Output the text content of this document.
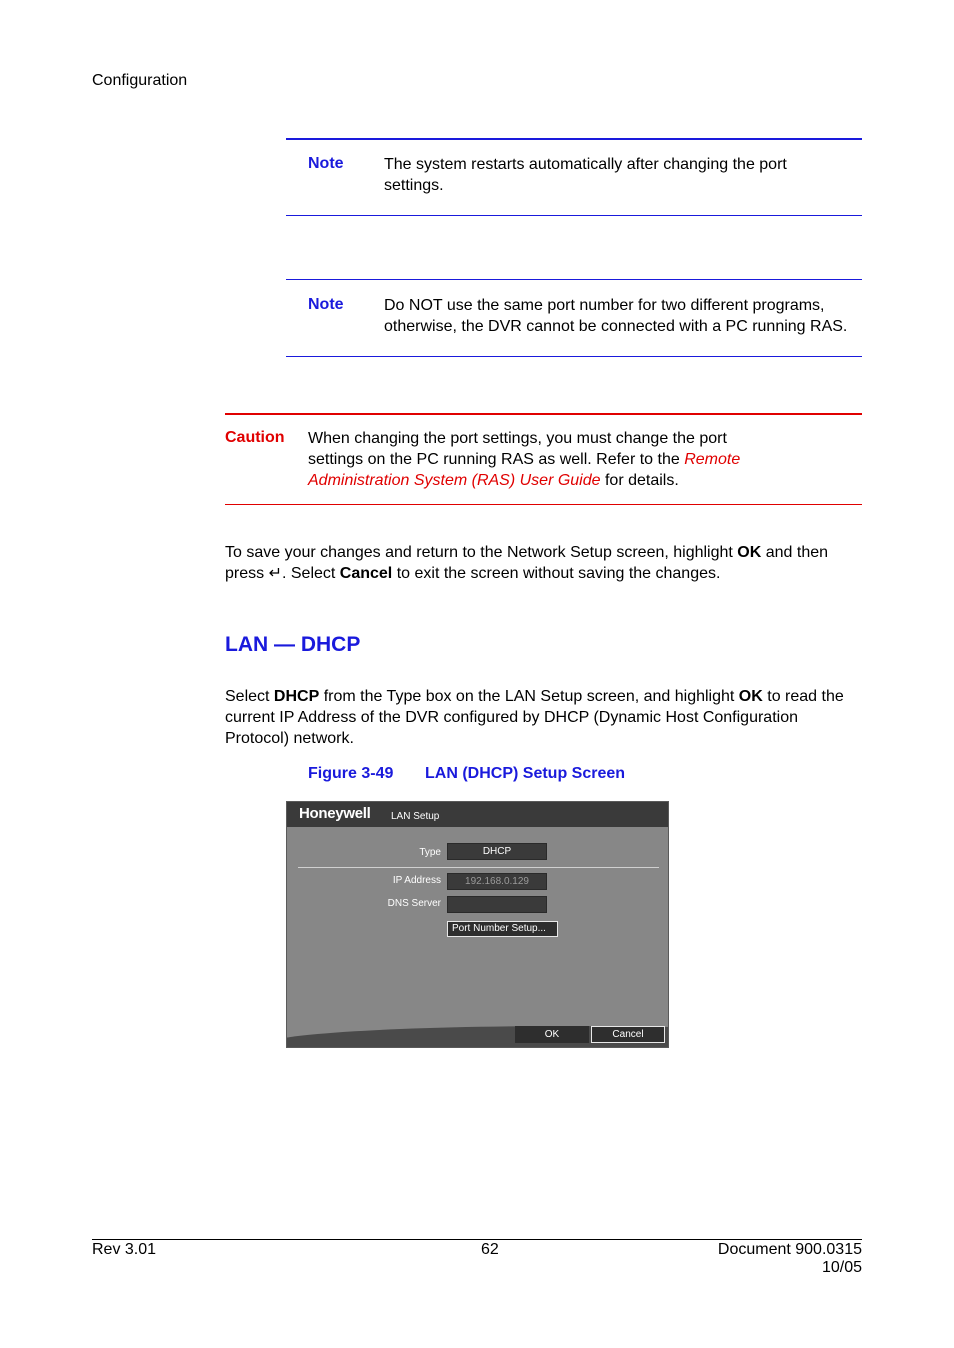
Configuration
Note	The system restarts automatically after changing the port settings.
Note	Do NOT use the same port number for two different programs, otherwise, the DVR cannot be connected with a PC running RAS.
Caution When changing the port settings, you must change the port settings on the PC running RAS as well. Refer to the Remote Administration System (RAS) User Guide for details.
To save your changes and return to the Network Setup screen, highlight OK and then press ↵. Select Cancel to exit the screen without saving the changes.
LAN — DHCP
Select DHCP from the Type box on the LAN Setup screen, and highlight OK to read the current IP Address of the DVR configured by DHCP (Dynamic Host Configuration Protocol) network.
Figure 3-49 LAN (DHCP) Setup Screen
Honeywell LAN Setup
Type	DHCP
IP Address	192.168.0.129
DNS Server
Port Number Setup...
OK	Cancel
Rev 3.01	62	Document 900.0315
10/05
